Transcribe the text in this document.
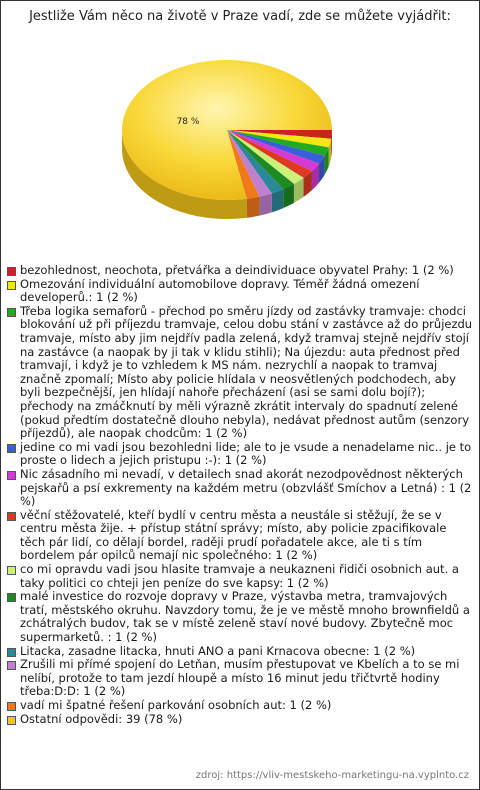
Jestliže Vám něco na životě v Praze vadí, zde se můžete vyjádřit:
78 %
bezohlednost, neochota, přetvářka a deindividuace obyvatel Prahy: 1 (2 %)
Omezování individuální automobilove dopravy. Téměř žádná omezení developerů.: 1 (2 %)
Třeba logika semaforů - přechod po směru jízdy od zastávky tramvaje: chodci blokování už při příjezdu tramvaje, celou dobu stání v zastávce až do průjezdu tramvaje, místo aby jim nejdřív padla zelená, když tramvaj stejně nejdřív stojí na zastávce (a naopak by ji tak v klidu stihli); Na újezdu: auta přednost před tramvají, i když je to vzhledem k MS nám. nezrychlí a naopak to tramvaj značně zpomalí; Místo aby policie hlídala v neosvětlených podchodech, aby byli bezpečnější, jen hlídají nahoře přecházení (asi se sami dolu bojí?); přechody na zmáčknutí by měli výrazně zkrátit intervaly do spadnutí zelené (pokud předtím dostatečně dlouho nebyla), nedávat přednost autům (senzory příjezdů), ale naopak chodcům: 1 (2 %)
jedine co mi vadi jsou bezohledni lide; ale to je vsude a nenadelame nic.. je to proste o lidech a jejich pristupu :-): 1 (2 %)
Nic zásadního mi nevadí, v detailech snad akorát nezodpovědnost některých pejskařů a psí exkrementy na každém metru (obzvlášť Smíchov a Letná) : 1 (2 %)
věční stěžovatelé, kteří bydlí v centru města a neustále si stěžují, že se v centru města žije. + přístup státní správy; místo, aby policie zpacifikovale těch pár lidí, co dělají bordel, raději prudí pořadatele akce, ale ti s tím bordelem pár opilců nemají nic společného: 1 (2 %)
co mi opravdu vadi jsou hlasite tramvaje a neukazneni řidiči osobnich aut. a taky politici co chteji jen peníze do sve kapsy: 1 (2 %)
malé investice do rozvoje dopravy v Praze, výstavba metra, tramvajových tratí, městského okruhu. Navzdory tomu, že je ve městě mnoho brownfieldů a zchátralých budov, tak se v místě zeleně staví nové budovy. Zbytečně moc supermarketů. : 1 (2 %)
Litacka, zasadne litacka, hnuti ANO a pani Krnacova obecne: 1 (2 %)
Zrušili mi přímé spojení do Letňan, musím přestupovat ve Kbelích a to se mi nelíbí, protože to tam jezdí hloupě a místo 16 minut jedu třičtvrtě hodiny třeba:D:D: 1 (2 %)
vadí mi špatné řešení parkování osobních aut: 1 (2 %)
Ostatní odpovědi: 39 (78 %)
zdroj: https://vliv-mestskeho-marketingu-na.vyplnto.cz
